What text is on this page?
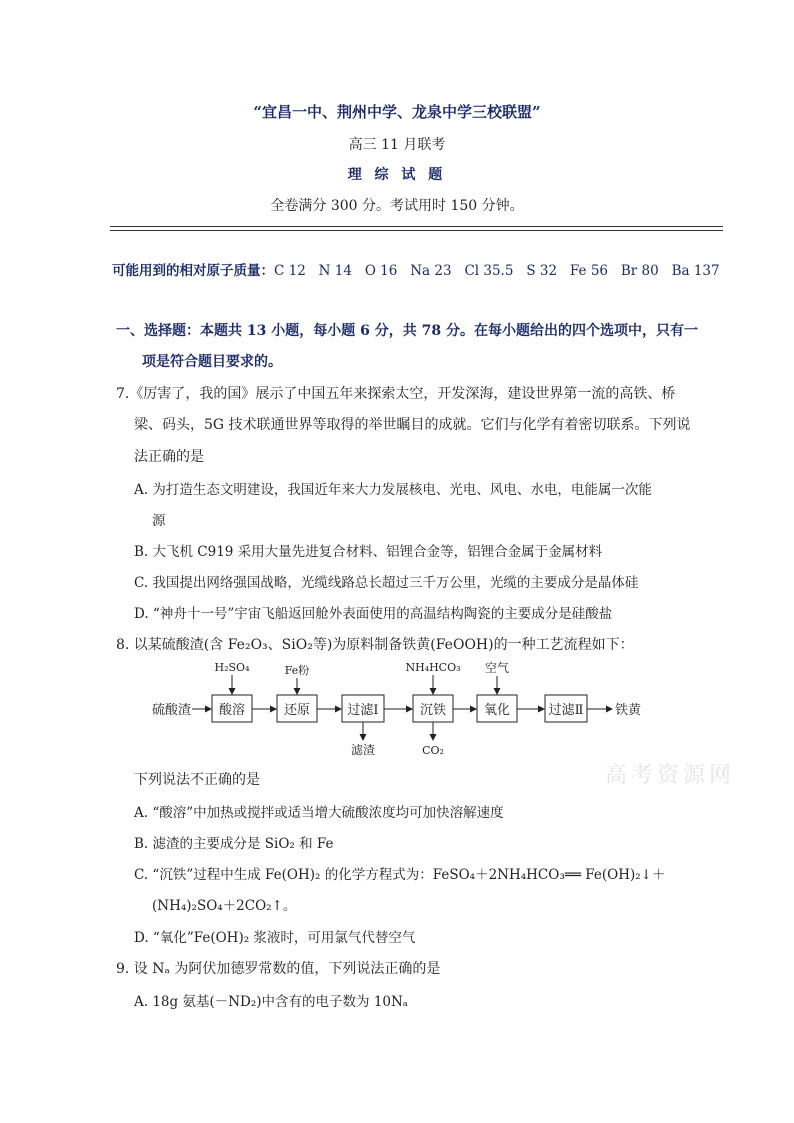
“宜昌一中、荆州中学、龙泉中学三校联盟”
高三 11 月联考
理 综 试 题
全卷满分 300 分。考试用时 150 分钟。
可能用到的相对原子质量：C 12   N 14   O 16   Na 23   Cl 35.5   S 32   Fe 56   Br 80   Ba 137
一、选择题：本题共 13 小题，每小题 6 分，共 78 分。在每小题给出的四个选项中，只有一
项是符合题目要求的。
7.《厉害了，我的国》展示了中国五年来探索太空，开发深海，建设世界第一流的高铁、桥
梁、码头，5G 技术联通世界等取得的举世瞩目的成就。它们与化学有着密切联系。下列说
法正确的是
A. 为打造生态文明建设，我国近年来大力发展核电、光电、风电、水电，电能属一次能
源
B. 大飞机 C919 采用大量先进复合材料、铝锂合金等，铝锂合金属于金属材料
C. 我国提出网络强国战略，光缆线路总长超过三千万公里，光缆的主要成分是晶体硅
D. “神舟十一号”宇宙飞船返回舱外表面使用的高温结构陶瓷的主要成分是硅酸盐
8. 以某硫酸渣(含 Fe₂O₃、SiO₂等)为原料制备铁黄(FeOOH)的一种工艺流程如下：
硫酸渣 酸溶	还原	过滤Ⅰ	沉铁	氧化	过滤Ⅱ 铁黄
H₂SO₄	Fe粉	NH₄HCO₃ 空气
滤渣	CO₂
下列说法不正确的是	高考资源网
A. “酸溶”中加热或搅拌或适当增大硫酸浓度均可加快溶解速度
B. 滤渣的主要成分是 SiO₂ 和 Fe
C. “沉铁”过程中生成 Fe(OH)₂ 的化学方程式为：FeSO₄＋2NH₄HCO₃══ Fe(OH)₂↓＋
(NH₄)₂SO₄＋2CO₂↑。
D. “氧化”Fe(OH)₂ 浆液时，可用氯气代替空气
9. 设 Nₐ 为阿伏加德罗常数的值，下列说法正确的是
A. 18g 氨基(－ND₂)中含有的电子数为 10Nₐ
